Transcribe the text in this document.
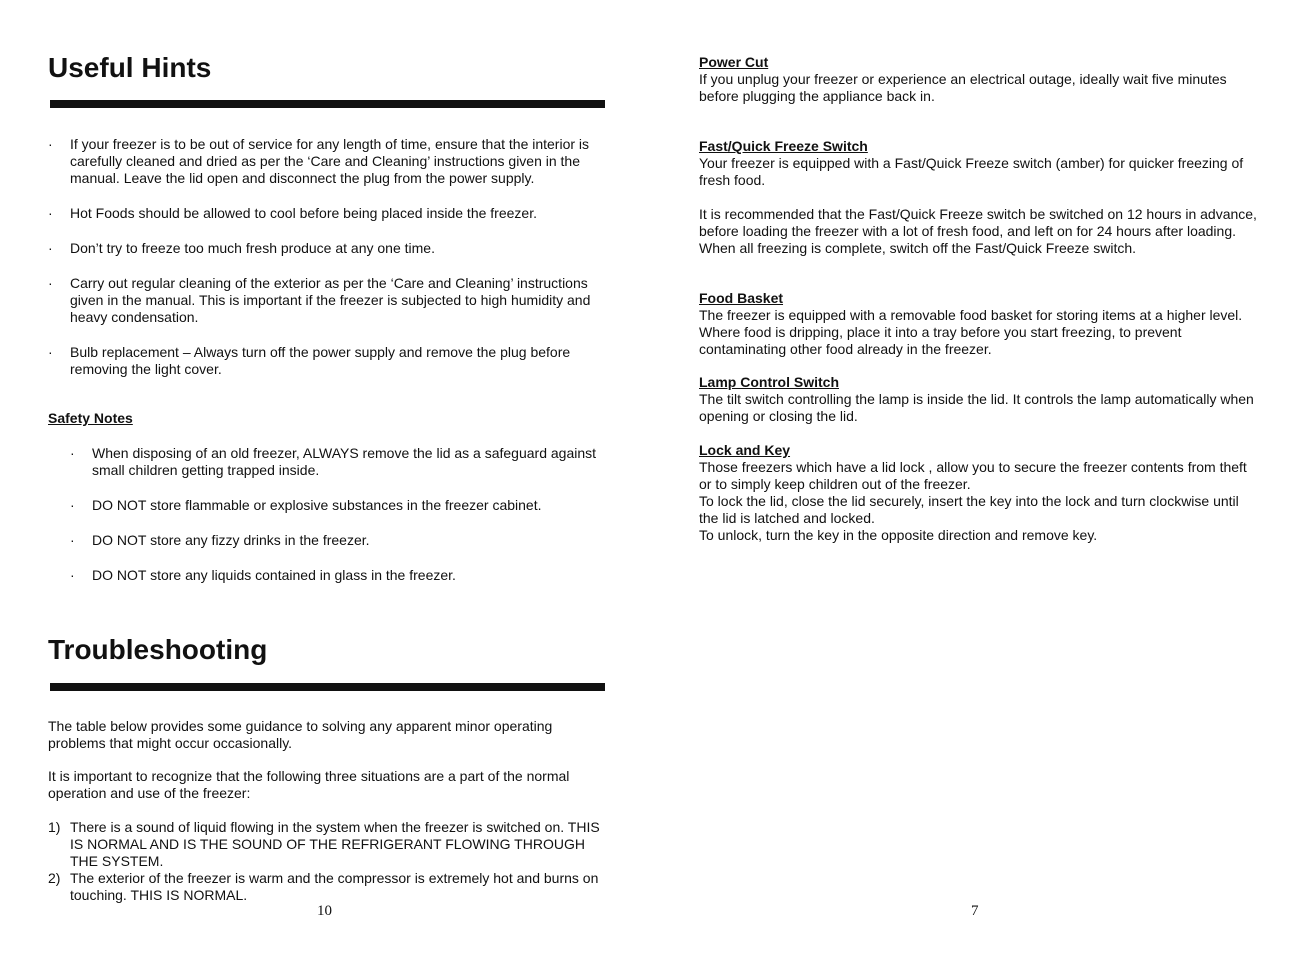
Useful Hints
·	If your freezer is to be out of service for any length of time, ensure that the interior is carefully cleaned and dried as per the ‘Care and Cleaning’ instructions given in the manual. Leave the lid open and disconnect the plug from the power supply.
·	Hot Foods should be allowed to cool before being placed inside the freezer.
·	Don’t try to freeze too much fresh produce at any one time.
·	Carry out regular cleaning of the exterior as per the ‘Care and Cleaning’ instructions given in the manual. This is important if the freezer is subjected to high humidity and heavy condensation.
·	Bulb replacement – Always turn off the power supply and remove the plug before removing the light cover.

Safety Notes

·	When disposing of an old freezer, ALWAYS remove the lid as a safeguard against small children getting trapped inside.
·	DO NOT store flammable or explosive substances in the freezer cabinet.
·	DO NOT store any fizzy drinks in the freezer.
·	DO NOT store any liquids contained in glass in the freezer.
Troubleshooting

The table below provides some guidance to solving any apparent minor operating problems that might occur occasionally.

It is important to recognize that the following three situations are a part of the normal operation and use of the freezer:

1) There is a sound of liquid flowing in the system when the freezer is switched on. THIS IS NORMAL AND IS THE SOUND OF THE REFRIGERANT FLOWING THROUGH THE SYSTEM.
2) The exterior of the freezer is warm and the compressor is extremely hot and burns on touching. THIS IS NORMAL.
10

Power Cut

If you unplug your freezer or experience an electrical outage, ideally wait five minutes before plugging the appliance back in.

Fast/Quick Freeze Switch

Your freezer is equipped with a Fast/Quick Freeze switch (amber) for quicker freezing of fresh food.

It is recommended that the Fast/Quick Freeze switch be switched on 12 hours in advance, before loading the freezer with a lot of fresh food, and left on for 24 hours after loading. When all freezing is complete, switch off the Fast/Quick Freeze switch.

Food Basket

The freezer is equipped with a removable food basket for storing items at a higher level. Where food is dripping, place it into a tray before you start freezing, to prevent contaminating other food already in the freezer.

Lamp Control Switch

The tilt switch controlling the lamp is inside the lid. It controls the lamp automatically when opening or closing the lid.

Lock and Key

Those freezers which have a lid lock , allow you to secure the freezer contents from theft or to simply keep children out of the freezer.

To lock the lid, close the lid securely, insert the key into the lock and turn clockwise until the lid is latched and locked.

To unlock, turn the key in the opposite direction and remove key.

7
